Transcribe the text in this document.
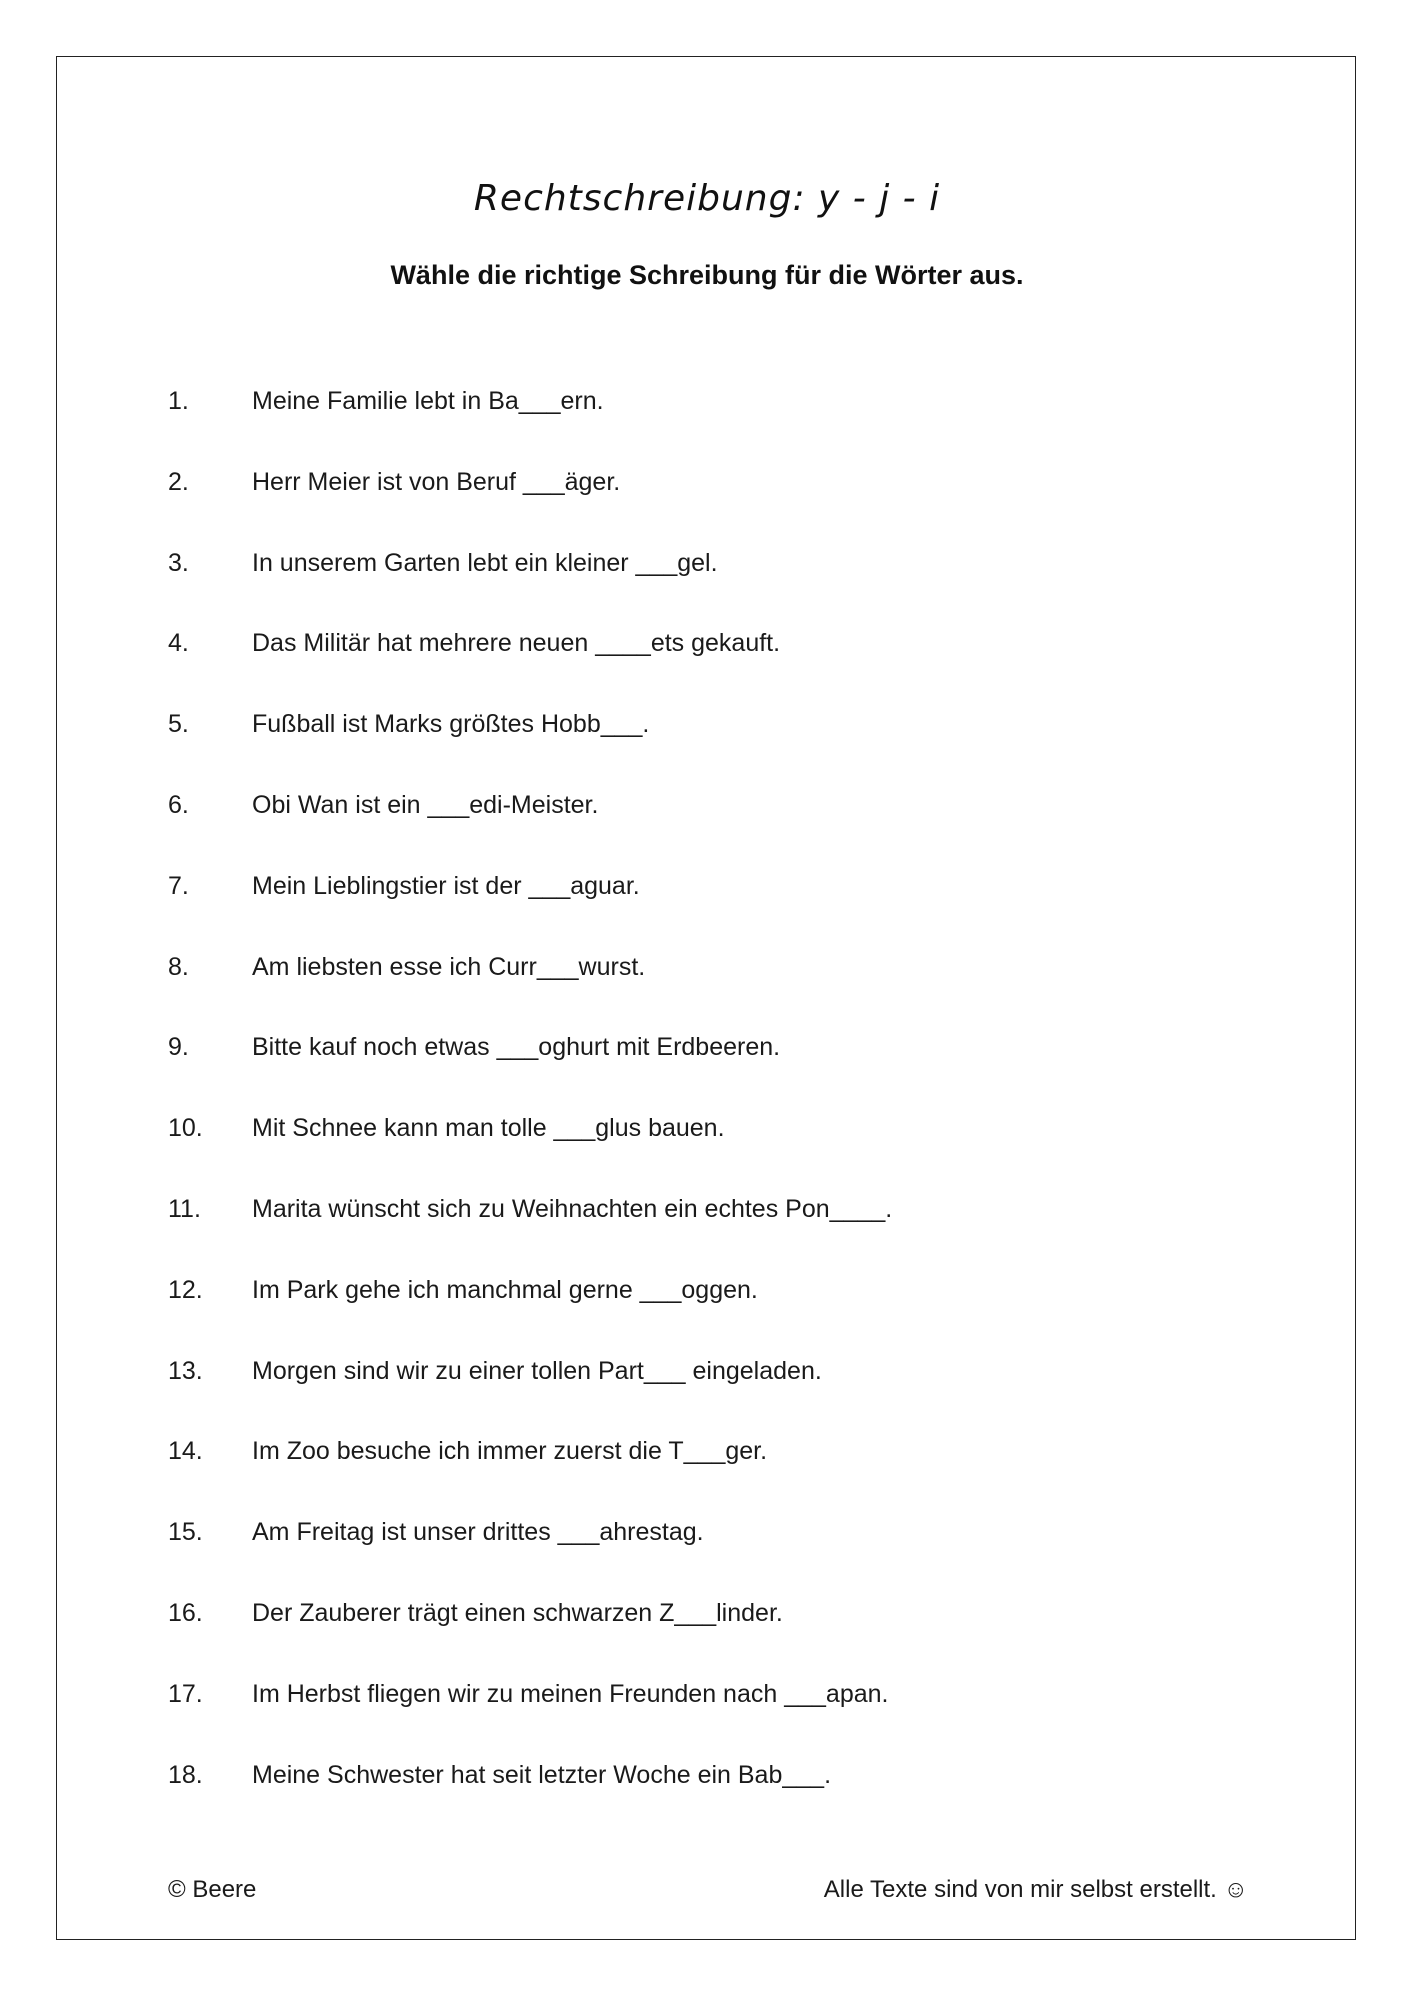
Rechtschreibung: y - j - i
Wähle die richtige Schreibung für die Wörter aus.
1.	Meine Familie lebt in Ba___ern.
2.	Herr Meier ist von Beruf ___äger.
3.	In unserem Garten lebt ein kleiner ___gel.
4.	Das Militär hat mehrere neuen ____ets gekauft.
5.	Fußball ist Marks größtes Hobb___.
6.	Obi Wan ist ein ___edi-Meister.
7.	Mein Lieblingstier ist der ___aguar.
8.	Am liebsten esse ich Curr___wurst.
9.	Bitte kauf noch etwas ___oghurt mit Erdbeeren.
10.	Mit Schnee kann man tolle ___glus bauen.
11.	Marita wünscht sich zu Weihnachten ein echtes Pon____.
12.	Im Park gehe ich manchmal gerne ___oggen.
13.	Morgen sind wir zu einer tollen Part___ eingeladen.
14.	Im Zoo besuche ich immer zuerst die T___ger.
15.	Am Freitag ist unser drittes ___ahrestag.
16.	Der Zauberer trägt einen schwarzen Z___linder.
17.	Im Herbst fliegen wir zu meinen Freunden nach ___apan.
18.	Meine Schwester hat seit letzter Woche ein Bab___.
© Beere	Alle Texte sind von mir selbst erstellt. ☺
